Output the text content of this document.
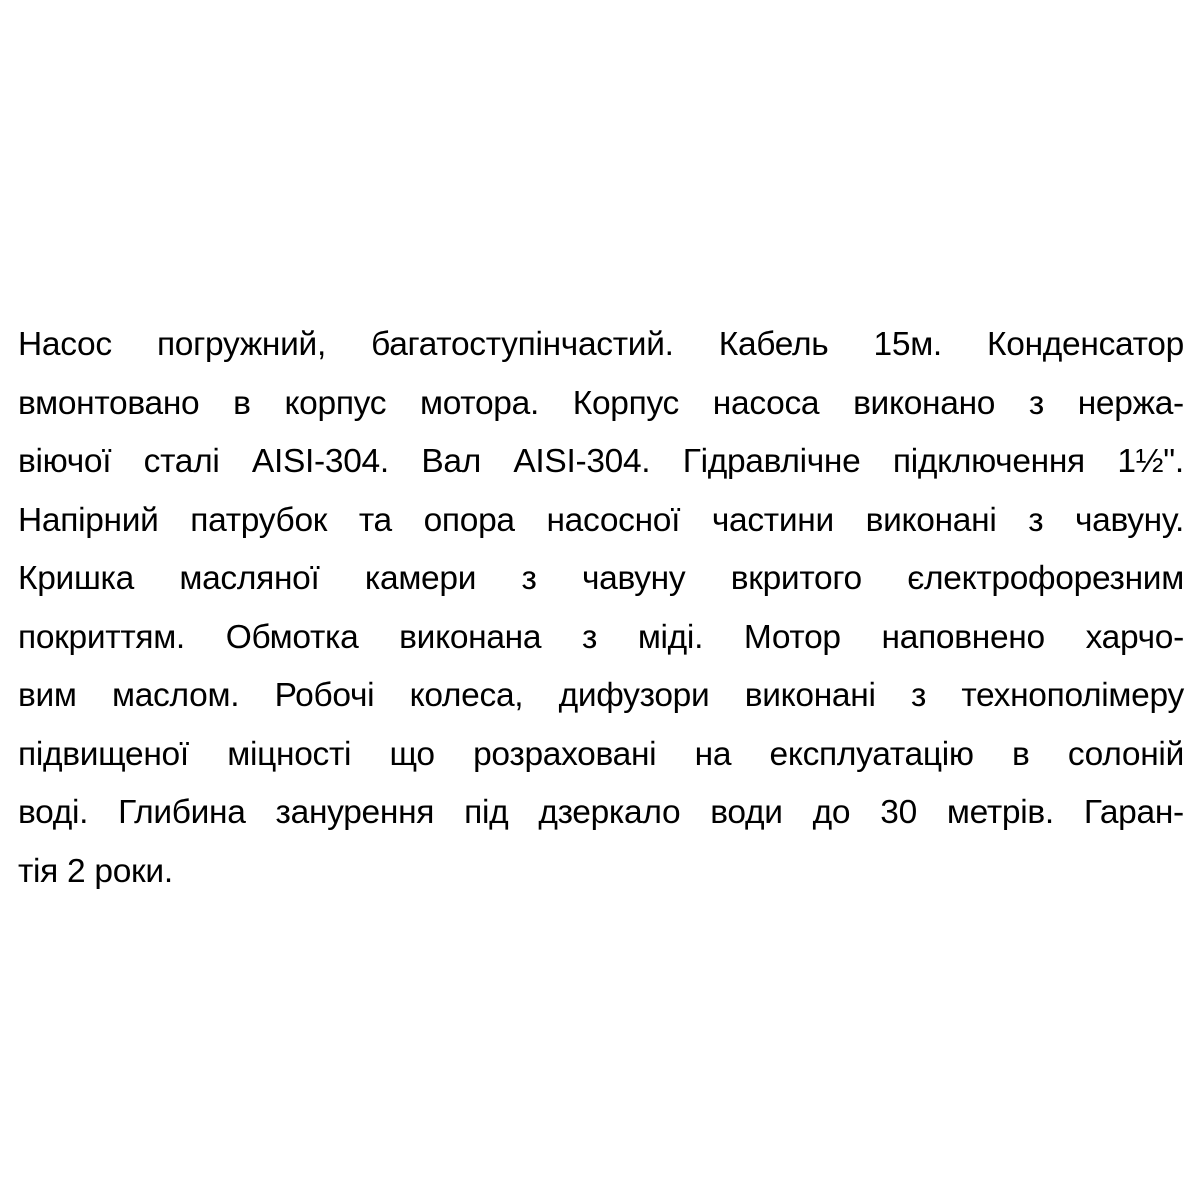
Насос погружний, багатоступінчастий. Кабель 15м. Конденсатор
вмонтовано в корпус мотора. Корпус насоса виконано з нержа-
віючої сталі AISI-304. Вал AISI-304. Гідравлічне підключення 1½".
Напірний патрубок та опора насосної частини виконані з чавуну.
Кришка масляної камери з чавуну вкритого єлектрофорезним
покриттям. Обмотка виконана з міді. Мотор наповнено харчо-
вим маслом. Робочі колеса, дифузори виконані з технополімеру
підвищеної міцності що розраховані на експлуатацію в солоній
воді. Глибина занурення під дзеркало води до 30 метрів. Гаран-
тія 2 роки.
